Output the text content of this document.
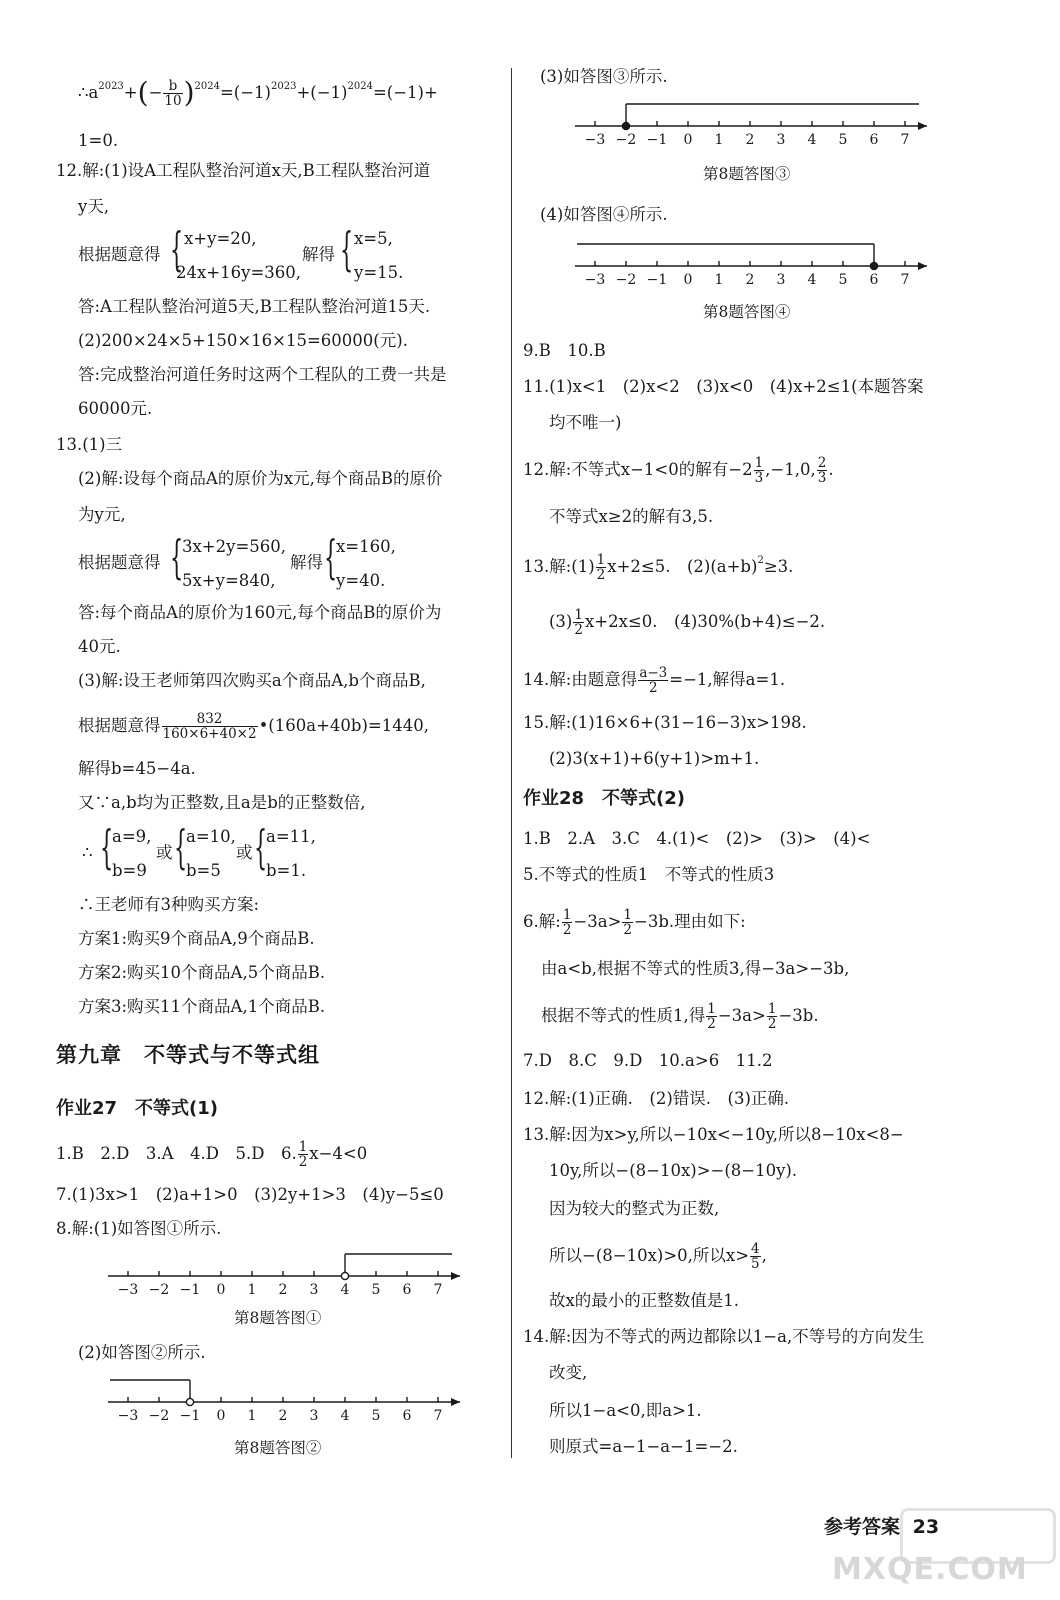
$\therefore a^{2023}+(- \frac{b}{10} )^{2024}=(-1)^{2023}+(-1)^{2024}=(-1)+$
1=0.
12.解:(1)设A工程队整治河道x天,B工程队整治河道
y天,
根据题意得 { x+y=20,
24x+16y=360,
解得 { x=5,
y=15.
答:A工程队整治河道5天,B工程队整治河道15天.
(2)200×24×5+150×16×15=60000(元).
答:完成整治河道任务时这两个工程队的工费一共是
60000元.
13.(1)三
(2)解:设每个商品A的原价为x元,每个商品B的原价
为y元,
根据题意得 {
3x+2y=560,
5x+y=840,
解得 {
x=160,
y=40.
答:每个商品A的原价为160元,每个商品B的原价为
40元.
(3)解:设王老师第四次购买a个商品A,b个商品B,
根据题意得 $\frac{832}{160\times 6+40\times 2}$ •(160a+40b)=1440,
解得b=45−4a.
又∵a,b均为正整数,且a是b的正整数倍,
∴ {
a=9,
b=9
或 {
a=10,
b=5
或 {
a=11,
b=1.
∴王老师有3种购买方案:
方案1:购买9个商品A,9个商品B.
方案2:购买10个商品A,5个商品B.
方案3:购买11个商品A,1个商品B.
第九章　不等式与不等式组
作业27　不等式(1)
1.B　2.D　3.A　4.D　5.D　6. $\frac{1}{2} x-4<0$
7.(1)3x>1　(2)a+1>0　(3)2y+1>3　(4)y−5≤0
8.解:(1)如答图①所示.
−3 −2 −1 0 1 2 3 4 5 6 7
第8题答图①
(2)如答图②所示.
−3 −2 −1 0 1 2 3 4 5 6 7
第8题答图②
(3)如答图③所示.
−3 −2 −1 0 1 2 3 4 5 6 7
第8题答图③
(4)如答图④所示.
−3 −2 −1 0 1 2 3 4 5 6 7
第8题答图④
9.B　10.B
11.(1)x<1　(2)x<2　(3)x<0　(4)x+2≤1(本题答案
均不唯一)
12.解:不等式x−1<0的解有$-2 \frac{1}{3} ,-1,0$, $\frac{2}{3}$ .
不等式x≥2的解有3,5.
13.解:(1) $\frac{1}{2} x+2\le 5$.　$(2)(a+b)^2\ge 3$.
$(3) \frac{1}{2} x+2x\le 0$.　(4)30%(b+4)≤−2.
14.解:由题意得 $\frac{a-3}{2} =-1$,解得a=1.
15.解:(1)16×6+(31−16−3)x>198.
(2)3(x+1)+6(y+1)>m+1.
作业28　不等式(2)
1.B　2.A　3.C　4.(1)<　(2)>　(3)>　(4)<
5.不等式的性质1　不等式的性质3
6.解: $\frac{1}{2} -3a> \frac{1}{2} -3b$.理由如下:
由a<b,根据不等式的性质3,得−3a>−3b,
根据不等式的性质1,得 $\frac{1}{2} -3a> \frac{1}{2} -3b$.
7.D　8.C　9.D　10.a>6　11.2
12.解:(1)正确.　(2)错误.　(3)正确.
13.解:因为x>y,所以−10x<−10y,所以8−10x<8−
10y,所以−(8−10x)>−(8−10y).
因为较大的整式为正数,
所以−(8−10x)>0,所以$x> \frac{4}{5}$ ,
故x的最小的正整数值是1.
14.解:因为不等式的两边都除以1−a,不等号的方向发生
改变,
所以1−a<0,即a>1.
则原式=a−1−a−1=−2.
参考答案 23
MXQE.COM
